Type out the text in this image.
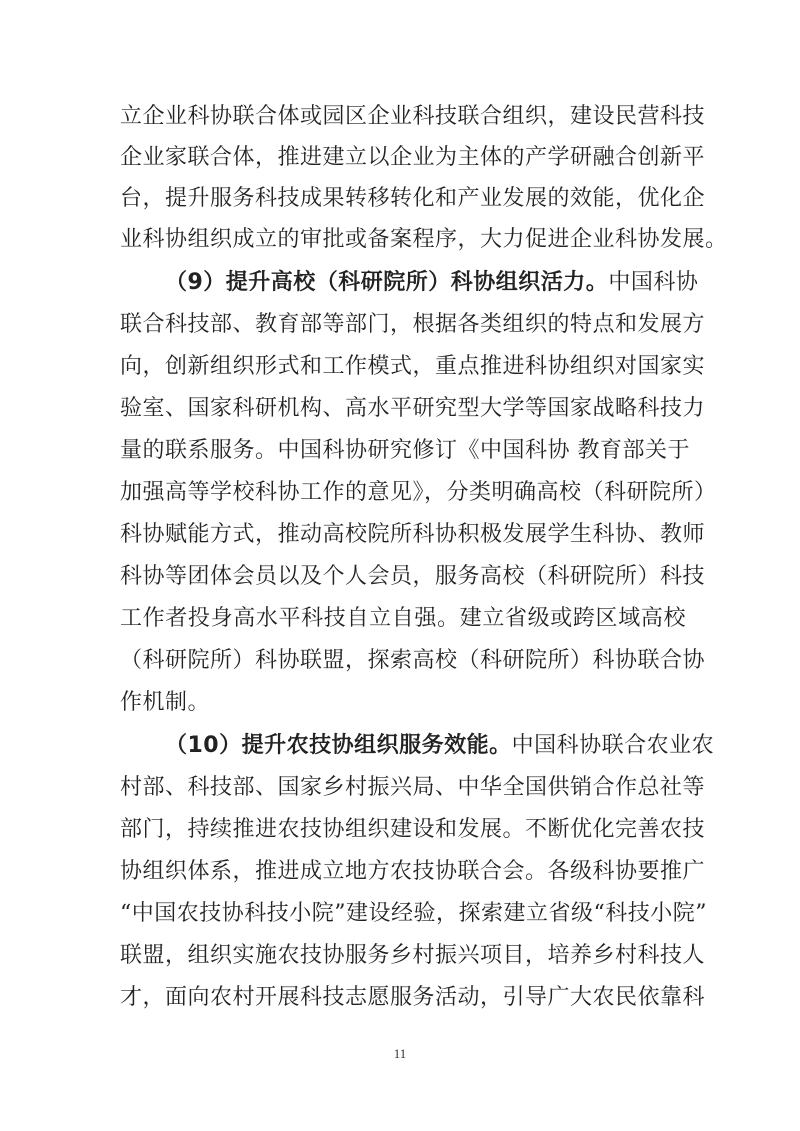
立企业科协联合体或园区企业科技联合组织，建设民营科技
企业家联合体，推进建立以企业为主体的产学研融合创新平
台，提升服务科技成果转移转化和产业发展的效能，优化企
业科协组织成立的审批或备案程序，大力促进企业科协发展。
（9）提升高校（科研院所）科协组织活力。中国科协
联合科技部、教育部等部门，根据各类组织的特点和发展方
向，创新组织形式和工作模式，重点推进科协组织对国家实
验室、国家科研机构、高水平研究型大学等国家战略科技力
量的联系服务。中国科协研究修订《中国科协 教育部关于
加强高等学校科协工作的意见》，分类明确高校（科研院所）
科协赋能方式，推动高校院所科协积极发展学生科协、教师
科协等团体会员以及个人会员，服务高校（科研院所）科技
工作者投身高水平科技自立自强。建立省级或跨区域高校
（科研院所）科协联盟，探索高校（科研院所）科协联合协
作机制。
（10）提升农技协组织服务效能。中国科协联合农业农
村部、科技部、国家乡村振兴局、中华全国供销合作总社等
部门，持续推进农技协组织建设和发展。不断优化完善农技
协组织体系，推进成立地方农技协联合会。各级科协要推广
“中国农技协科技小院”建设经验，探索建立省级“科技小院”
联盟，组织实施农技协服务乡村振兴项目，培养乡村科技人
才，面向农村开展科技志愿服务活动，引导广大农民依靠科
11
